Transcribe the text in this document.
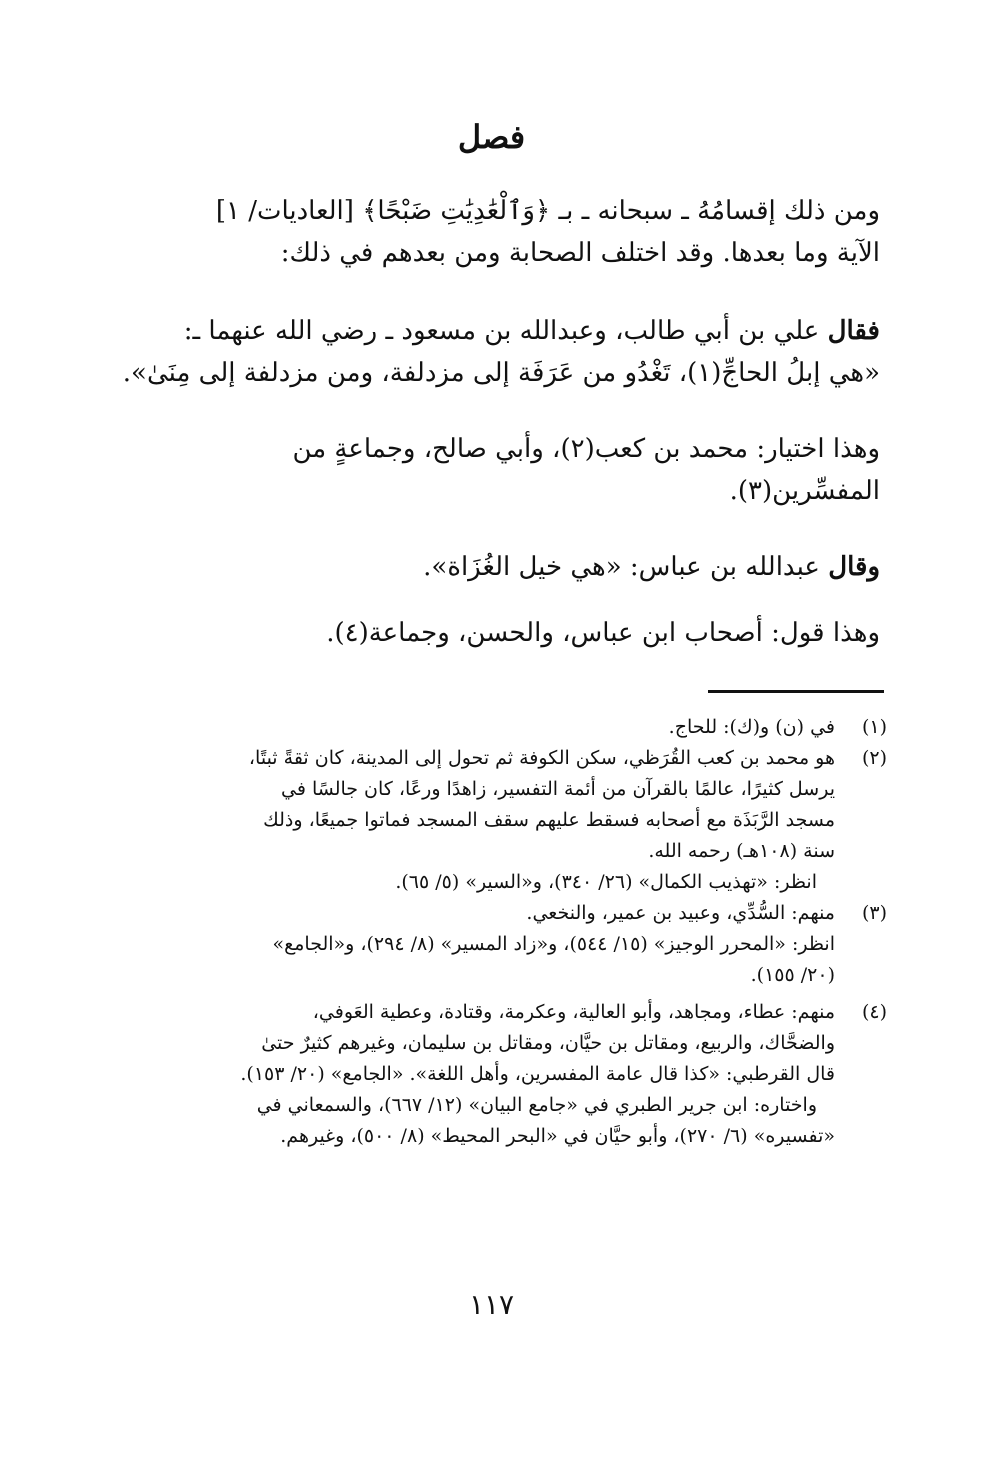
فصل
ومن ذلك إقسامُهُ ـ سبحانه ـ بـ ﴿وَٱلْعَٰدِيَٰتِ ضَبْحًا﴾ [العاديات/ ١]
الآية وما بعدها. وقد اختلف الصحابة ومن بعدهم في ذلك:
فقال علي بن أبي طالب، وعبدالله بن مسعود ـ رضي الله عنهما ـ:
«هي إبلُ الحاجِّ(١)، تَغْدُو من عَرَفَة إلى مزدلفة، ومن مزدلفة إلى مِنَىٰ».
وهذا اختيار: محمد بن كعب(٢)، وأبي صالح، وجماعةٍ من
المفسِّرين(٣).
وقال عبدالله بن عباس: «هي خيل الغُزَاة».
وهذا قول: أصحاب ابن عباس، والحسن، وجماعة(٤).
(١)
في (ن) و(ك): للحاج.
(٢)
هو محمد بن كعب القُرَظي، سكن الكوفة ثم تحول إلى المدينة، كان ثقةً ثبتًا،
يرسل كثيرًا، عالمًا بالقرآن من أئمة التفسير، زاهدًا ورعًا، كان جالسًا في
مسجد الرَّبَذَة مع أصحابه فسقط عليهم سقف المسجد فماتوا جميعًا، وذلك
سنة (١٠٨هـ) رحمه الله.
انظر: «تهذيب الكمال» (٢٦/ ٣٤٠)، و«السير» (٥/ ٦٥).
(٣)
منهم: السُّدِّي، وعبيد بن عمير، والنخعي.
انظر: «المحرر الوجيز» (١٥/ ٥٤٤)، و«زاد المسير» (٨/ ٢٩٤)، و«الجامع»
(٢٠/ ١٥٥).
(٤)
منهم: عطاء، ومجاهد، وأبو العالية، وعكرمة، وقتادة، وعطية العَوفي،
والضحَّاك، والربيع، ومقاتل بن حيَّان، ومقاتل بن سليمان، وغيرهم كثيرٌ حتىٰ
قال القرطبي: «كذا قال عامة المفسرين، وأهل اللغة». «الجامع» (٢٠/ ١٥٣).
واختاره: ابن جرير الطبري في «جامع البيان» (١٢/ ٦٦٧)، والسمعاني في
«تفسيره» (٦/ ٢٧٠)، وأبو حيَّان في «البحر المحيط» (٨/ ٥٠٠)، وغيرهم.
١١٧
